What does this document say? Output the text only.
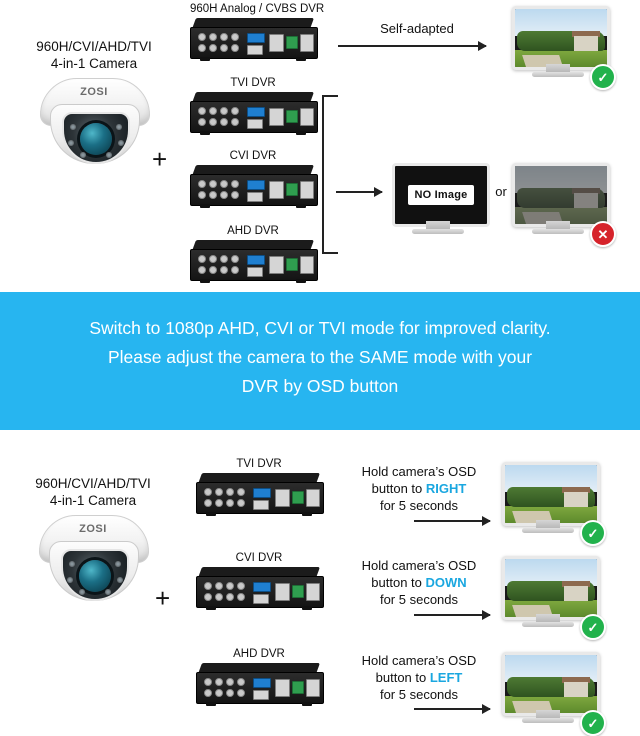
960H/CVI/AHD/TVI
4-in-1 Camera
ZOSI
+
960H Analog / CVBS DVR
TVI DVR
CVI DVR
AHD DVR
Self-adapted
NO Image	or
✓
✕
Switch to 1080p AHD, CVI or TVI mode for improved clarity.
Please adjust the camera to the SAME mode with your
DVR by OSD button
960H/CVI/AHD/TVI
4-in-1 Camera
ZOSI
+
TVI DVR	Hold camera’s OSD
button to RIGHT
for 5 seconds
✓
CVI DVR	Hold camera’s OSD
button to DOWN
for 5 seconds
✓
AHD DVR	Hold camera’s OSD
button to LEFT
for 5 seconds
✓
